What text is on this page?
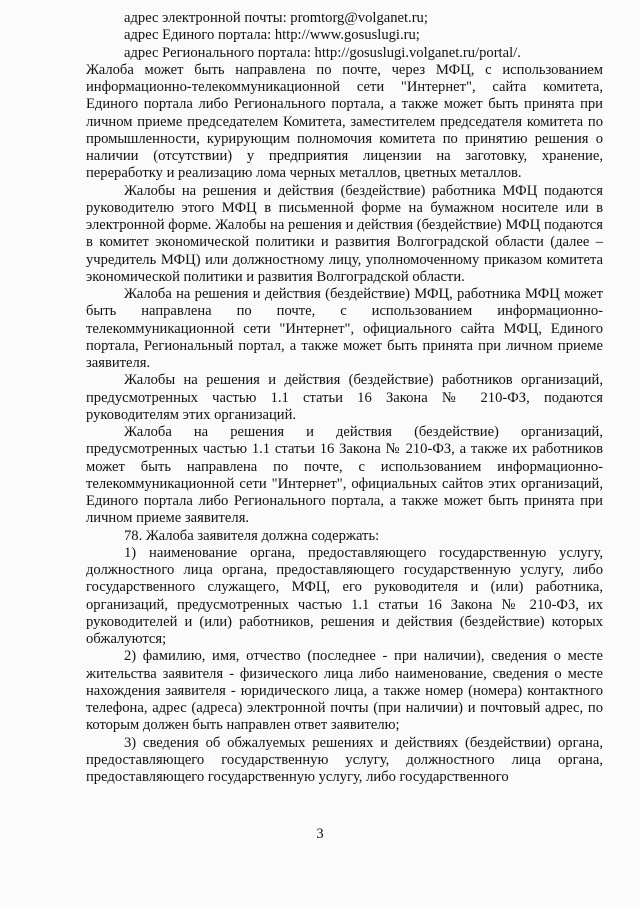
адрес электронной почты: promtorg@volganet.ru;

адрес Единого портала: http://www.gosuslugi.ru;

адрес Регионального портала: http://gosuslugi.volganet.ru/portal/.

Жалоба может быть направлена по почте, через МФЦ, с использованием информационно-телекоммуникационной сети "Интернет", сайта комитета, Единого портала либо Регионального портала, а также может быть принята при личном приеме председателем Комитета, заместителем председателя комитета по промышленности, курирующим полномочия комитета по принятию решения о наличии (отсутствии) у предприятия лицензии на заготовку, хранение, переработку и реализацию лома черных металлов, цветных металлов.

Жалобы на решения и действия (бездействие) работника МФЦ подаются руководителю этого МФЦ в письменной форме на бумажном носителе или в электронной форме. Жалобы на решения и действия (бездействие) МФЦ подаются в комитет экономической политики и развития Волгоградской области (далее – учредитель МФЦ) или должностному лицу, уполномоченному приказом комитета экономической политики и развития Волгоградской области.

Жалоба на решения и действия (бездействие) МФЦ, работника МФЦ может быть направлена по почте, с использованием информационно-телекоммуникационной сети "Интернет", официального сайта МФЦ, Единого портала, Региональный портал, а также может быть принята при личном приеме заявителя.

Жалобы на решения и действия (бездействие) работников организаций, предусмотренных частью 1.1 статьи 16 Закона № 210-ФЗ, подаются руководителям этих организаций.

Жалоба на решения и действия (бездействие) организаций, предусмотренных частью 1.1 статьи 16 Закона № 210-ФЗ, а также их работников может быть направлена по почте, с использованием информационно-телекоммуникационной сети "Интернет", официальных сайтов этих организаций, Единого портала либо Регионального портала, а также может быть принята при личном приеме заявителя.

78. Жалоба заявителя должна содержать:

1) наименование органа, предоставляющего государственную услугу, должностного лица органа, предоставляющего государственную услугу, либо государственного служащего, МФЦ, его руководителя и (или) работника, организаций, предусмотренных частью 1.1 статьи 16 Закона № 210-ФЗ, их руководителей и (или) работников, решения и действия (бездействие) которых обжалуются;

2) фамилию, имя, отчество (последнее - при наличии), сведения о месте жительства заявителя - физического лица либо наименование, сведения о месте нахождения заявителя - юридического лица, а также номер (номера) контактного телефона, адрес (адреса) электронной почты (при наличии) и почтовый адрес, по которым должен быть направлен ответ заявителю;

3) сведения об обжалуемых решениях и действиях (бездействии) органа, предоставляющего государственную услугу, должностного лица органа, предоставляющего государственную услугу, либо государственного

3
